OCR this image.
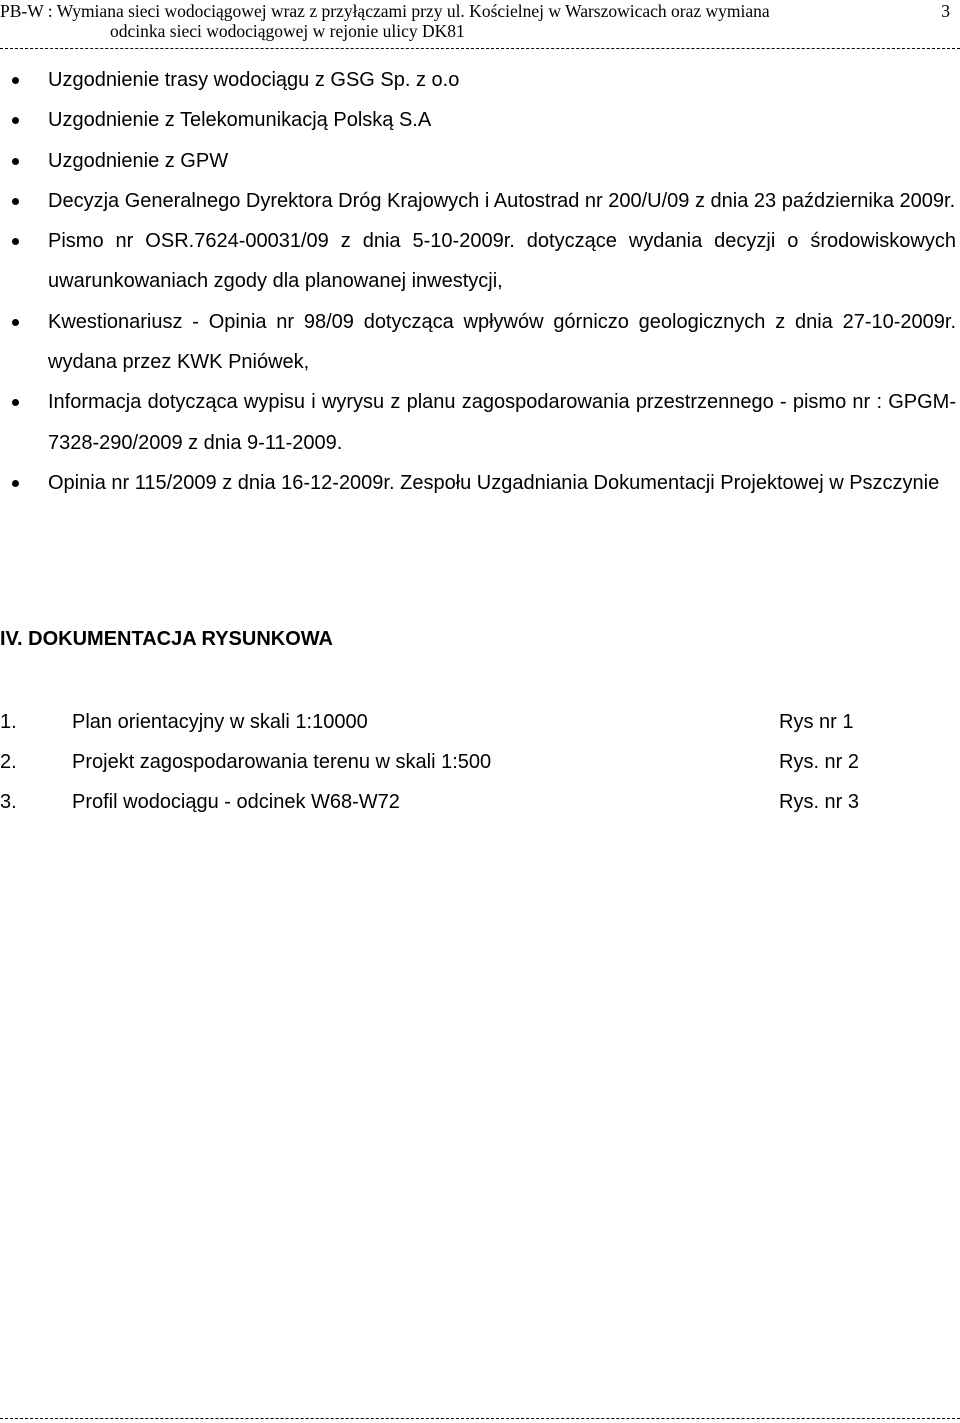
PB-W : Wymiana sieci wodociągowej wraz z przyłączami przy ul. Kościelnej w Warszowicach oraz wymiana
odcinka sieci wodociągowej w rejonie ulicy DK81
3
Uzgodnienie trasy wodociągu z GSG Sp. z o.o
Uzgodnienie z Telekomunikacją Polską S.A
Uzgodnienie z GPW
Decyzja Generalnego Dyrektora Dróg Krajowych i Autostrad nr 200/U/09 z dnia 23 października 2009r.
Pismo nr OSR.7624-00031/09 z dnia 5-10-2009r. dotyczące wydania decyzji o środowiskowych uwarunkowaniach zgody dla planowanej inwestycji,
Kwestionariusz - Opinia nr 98/09 dotycząca wpływów górniczo geologicznych z dnia 27-10-2009r. wydana przez KWK Pniówek,
Informacja dotycząca wypisu i wyrysu z planu zagospodarowania przestrzennego - pismo nr : GPGM-7328-290/2009 z dnia 9-11-2009.
Opinia nr 115/2009 z dnia 16-12-2009r. Zespołu Uzgadniania Dokumentacji Projektowej w Pszczynie
IV. DOKUMENTACJA RYSUNKOWA
1.	Plan orientacyjny w skali 1:10000	Rys nr 1
2.	Projekt zagospodarowania terenu w skali 1:500	Rys. nr 2
3.	Profil wodociągu - odcinek W68-W72	Rys. nr 3
